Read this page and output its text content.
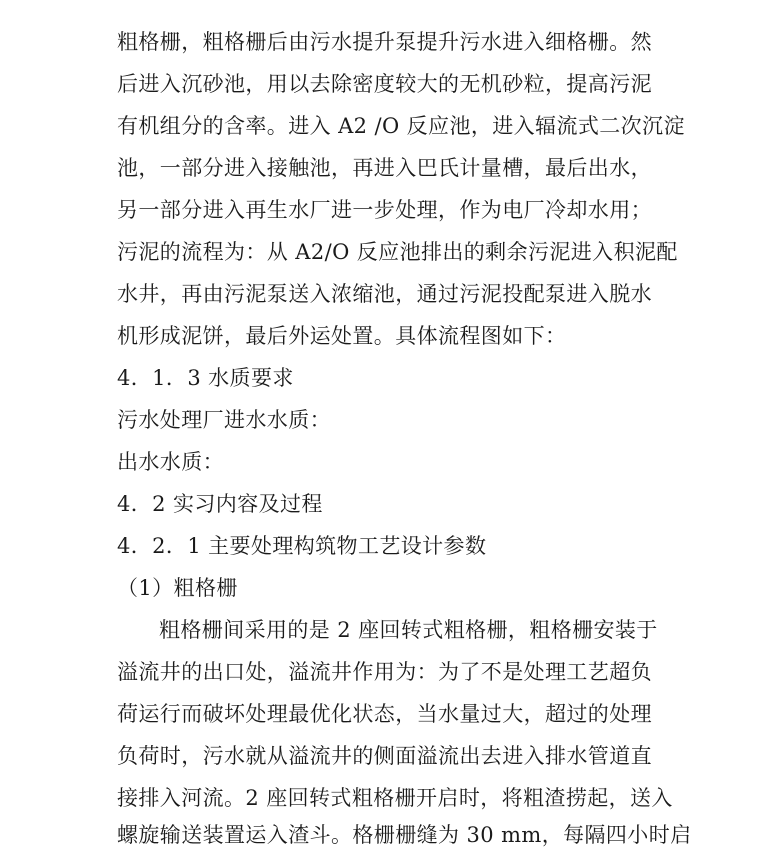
粗格栅，粗格栅后由污水提升泵提升污水进入细格栅。然
后进入沉砂池，用以去除密度较大的无机砂粒，提高污泥
有机组分的含率。进入 A2 /O 反应池，进入辐流式二次沉淀
池，一部分进入接触池，再进入巴氏计量槽，最后出水，
另一部分进入再生水厂进一步处理，作为电厂冷却水用；
污泥的流程为：从 A2/O 反应池排出的剩余污泥进入积泥配
水井，再由污泥泵送入浓缩池，通过污泥投配泵进入脱水
机形成泥饼，最后外运处置。具体流程图如下：
4．1．3 水质要求
污水处理厂进水水质：
出水水质：
4．2 实习内容及过程
4．2．1 主要处理构筑物工艺设计参数
（1）粗格栅
粗格栅间采用的是 2 座回转式粗格栅，粗格栅安装于
溢流井的出口处，溢流井作用为：为了不是处理工艺超负
荷运行而破坏处理最优化状态，当水量过大，超过的处理
负荷时，污水就从溢流井的侧面溢流出去进入排水管道直
接排入河流。2 座回转式粗格栅开启时，将粗渣捞起，送入
螺旋输送装置运入渣斗。格栅栅缝为 30 mm，每隔四小时启
